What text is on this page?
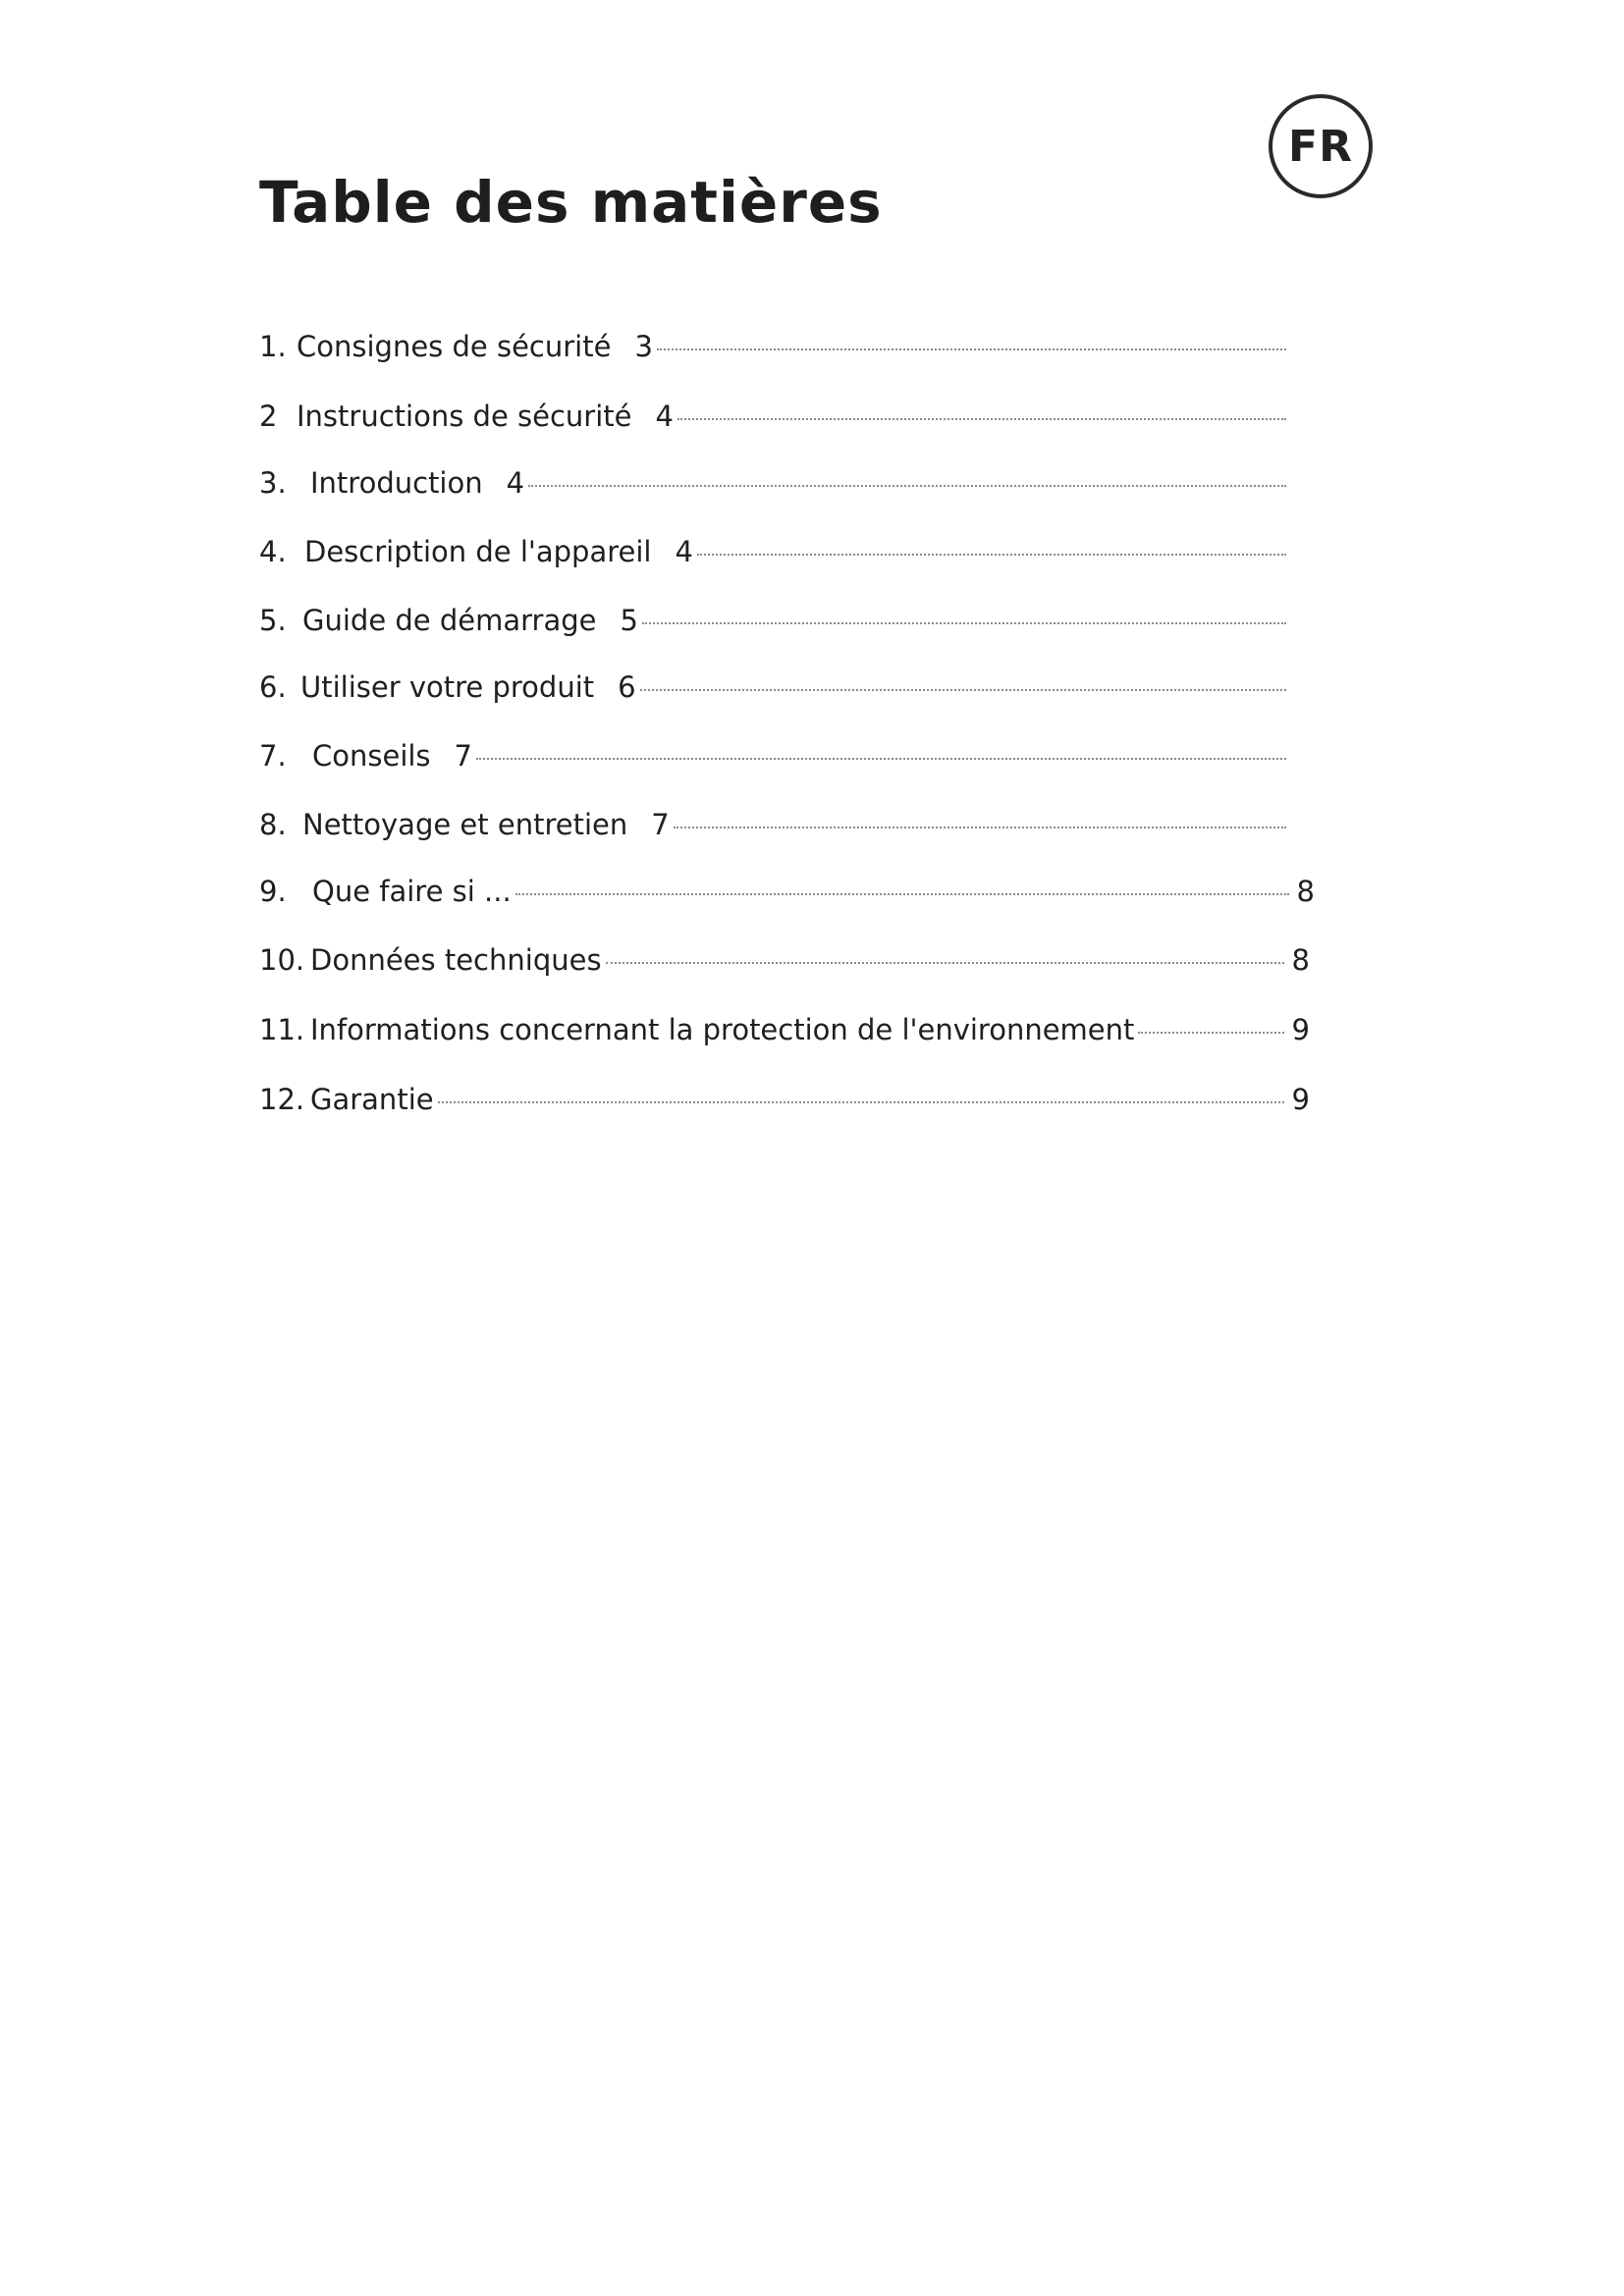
FR
Table des matières
1. Consignes de sécurité 3
2 Instructions de sécurité 4
3. Introduction 4
4. Description de l'appareil 4
5. Guide de démarrage 5
6. Utiliser votre produit 6
7. Conseils 7
8. Nettoyage et entretien 7
9. Que faire si ...	8
10. Données techniques	8
11. Informations concernant la protection de l'environnement	9
12. Garantie	9
